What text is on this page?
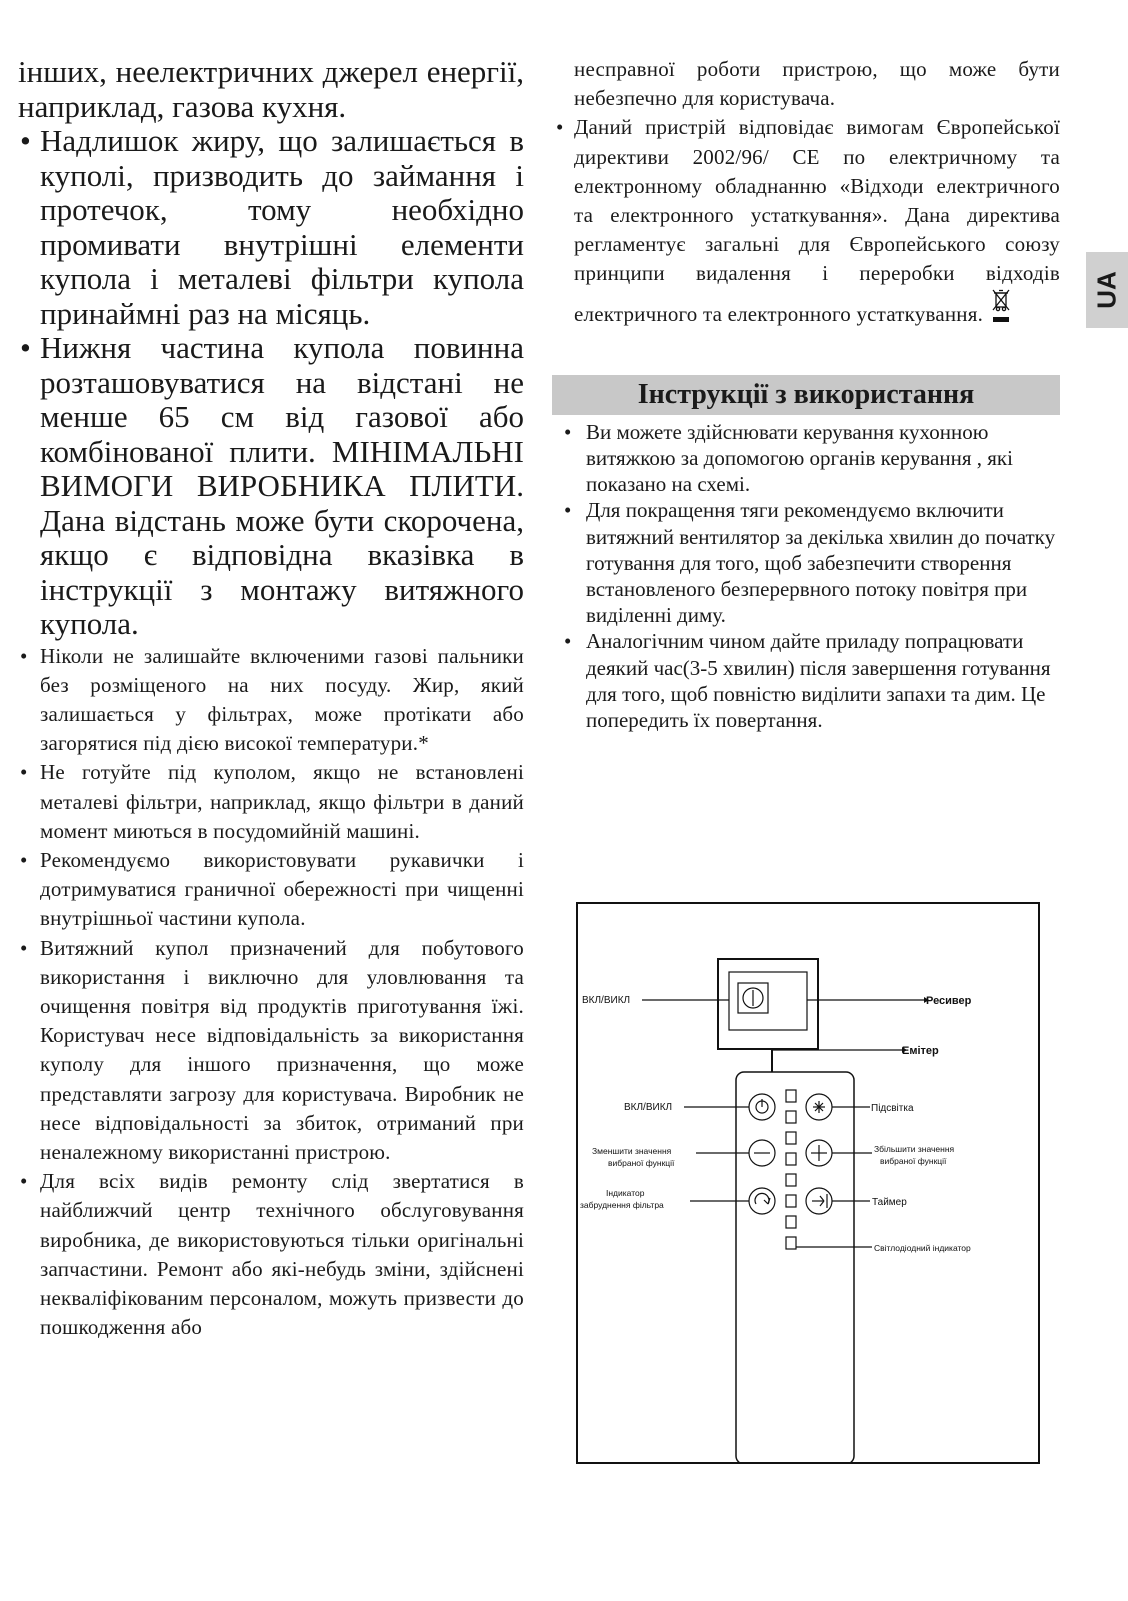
UA
інших, неелектричних джерел енергії, наприклад, газова кухня.
• Надлишок жиру, що залишається в куполі, призводить до займання і протечок, тому необхідно промивати внутрішні елементи купола і металеві фільтри купола принаймні раз на місяць.
• Нижня частина купола повинна розташовуватися на відстані не менше 65 см від газової або комбінованої плити. МІНІМАЛЬНІ ВИМОГИ ВИРОБНИКА ПЛИТИ. Дана відстань може бути скорочена, якщо є відповідна вказівка в інструкції з монтажу витяжного купола.
• Ніколи не залишайте включеними газові пальники без розміщеного на них посуду. Жир, який залишається у фільтрах, може протікати або загорятися під дією високої температури.*
• Не готуйте під куполом, якщо не встановлені металеві фільтри, наприклад, якщо фільтри в даний момент миються в посудомийній машині.
• Рекомендуємо використовувати рукавички і дотримуватися граничної обережності при чищенні внутрішньої частини купола.
• Витяжний купол призначений для побутового використання і виключно для уловлювання та очищення повітря від продуктів приготування їжі. Користувач несе відповідальність за використання куполу для іншого призначення, що може представляти загрозу для користувача. Виробник не несе відповідальності за збиток, отриманий при неналежному використанні пристрою.
• Для всіх видів ремонту слід звертатися в найближчий центр технічного обслуговування виробника, де використовуються тільки оригінальні запчастини. Ремонт або які-небудь зміни, здійснені некваліфікованим персоналом, можуть призвести до пошкодження або
несправної роботи пристрою, що може бути небезпечно для користувача.
• Даний пристрій відповідає вимогам Європейської директиви 2002/96/ CE по електричному та електронному обладнанню «Відходи електричного та електронного устаткування». Дана директива регламентує загальні для Європейського союзу принципи видалення і переробки відходів електричного та електронного устаткування.
Інструкції з використання
• Ви можете здійснювати керування кухонною витяжкою за допомогою органів керування , які показано на схемі.
• Для покращення тяги рекомендуємо включити витяжний вентилятор за декілька хвилин до початку готування для того, щоб забезпечити створення встановленого безперервного потоку повітря при виділенні диму.
• Аналогічним чином дайте приладу попрацювати деякий час(3-5 хвилин) після завершення готування для того, щоб повністю виділити запахи та дим. Це попередить їх повертання.
ВКЛ/ВИКЛ	Ресивер
Емітер
ВКЛ/ВИКЛ	Підсвітка
Зменшити значення
вибраної функції
Збільшити значення
вибраної функції
Індикатор
забруднення фільтра	Таймер
Світлодіодний індикатор
